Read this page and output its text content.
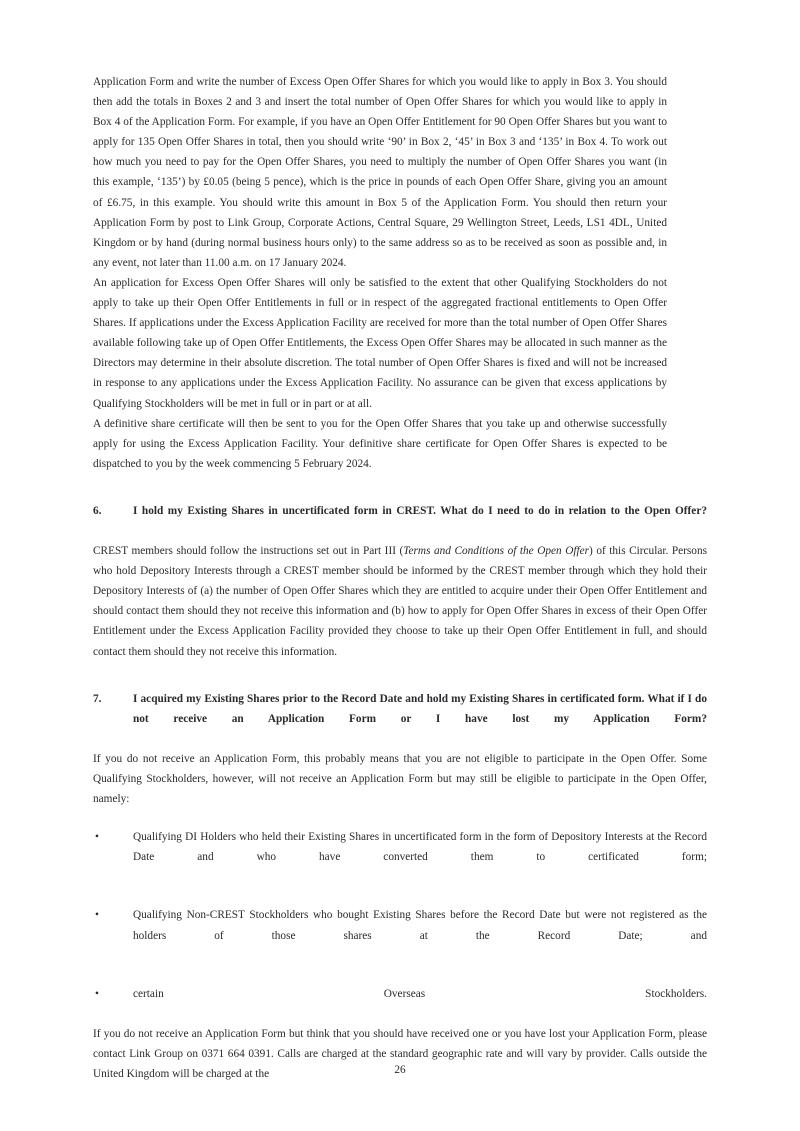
Application Form and write the number of Excess Open Offer Shares for which you would like to apply in Box 3. You should then add the totals in Boxes 2 and 3 and insert the total number of Open Offer Shares for which you would like to apply in Box 4 of the Application Form. For example, if you have an Open Offer Entitlement for 90 Open Offer Shares but you want to apply for 135 Open Offer Shares in total, then you should write ‘90’ in Box 2, ‘45’ in Box 3 and ‘135’ in Box 4. To work out how much you need to pay for the Open Offer Shares, you need to multiply the number of Open Offer Shares you want (in this example, ‘135’) by £0.05 (being 5 pence), which is the price in pounds of each Open Offer Share, giving you an amount of £6.75, in this example. You should write this amount in Box 5 of the Application Form. You should then return your Application Form by post to Link Group, Corporate Actions, Central Square, 29 Wellington Street, Leeds, LS1 4DL, United Kingdom or by hand (during normal business hours only) to the same address so as to be received as soon as possible and, in any event, not later than 11.00 a.m. on 17 January 2024.

An application for Excess Open Offer Shares will only be satisfied to the extent that other Qualifying Stockholders do not apply to take up their Open Offer Entitlements in full or in respect of the aggregated fractional entitlements to Open Offer Shares. If applications under the Excess Application Facility are received for more than the total number of Open Offer Shares available following take up of Open Offer Entitlements, the Excess Open Offer Shares may be allocated in such manner as the Directors may determine in their absolute discretion. The total number of Open Offer Shares is fixed and will not be increased in response to any applications under the Excess Application Facility. No assurance can be given that excess applications by Qualifying Stockholders will be met in full or in part or at all.

A definitive share certificate will then be sent to you for the Open Offer Shares that you take up and otherwise successfully apply for using the Excess Application Facility. Your definitive share certificate for Open Offer Shares is expected to be dispatched to you by the week commencing 5 February 2024.

6.	I hold my Existing Shares in uncertificated form in CREST. What do I need to do in relation to the Open Offer?

CREST members should follow the instructions set out in Part III (Terms and Conditions of the Open Offer) of this Circular. Persons who hold Depository Interests through a CREST member should be informed by the CREST member through which they hold their Depository Interests of (a) the number of Open Offer Shares which they are entitled to acquire under their Open Offer Entitlement and should contact them should they not receive this information and (b) how to apply for Open Offer Shares in excess of their Open Offer Entitlement under the Excess Application Facility provided they choose to take up their Open Offer Entitlement in full, and should contact them should they not receive this information.

7.	I acquired my Existing Shares prior to the Record Date and hold my Existing Shares in certificated form. What if I do not receive an Application Form or I have lost my Application Form?

If you do not receive an Application Form, this probably means that you are not eligible to participate in the Open Offer. Some Qualifying Stockholders, however, will not receive an Application Form but may still be eligible to participate in the Open Offer, namely:

•	Qualifying DI Holders who held their Existing Shares in uncertificated form in the form of Depository Interests at the Record Date and who have converted them to certificated form;
•	Qualifying Non-CREST Stockholders who bought Existing Shares before the Record Date but were not registered as the holders of those shares at the Record Date; and
•	certain Overseas Stockholders.

If you do not receive an Application Form but think that you should have received one or you have lost your Application Form, please contact Link Group on 0371 664 0391. Calls are charged at the standard geographic rate and will vary by provider. Calls outside the United Kingdom will be charged at the	26
